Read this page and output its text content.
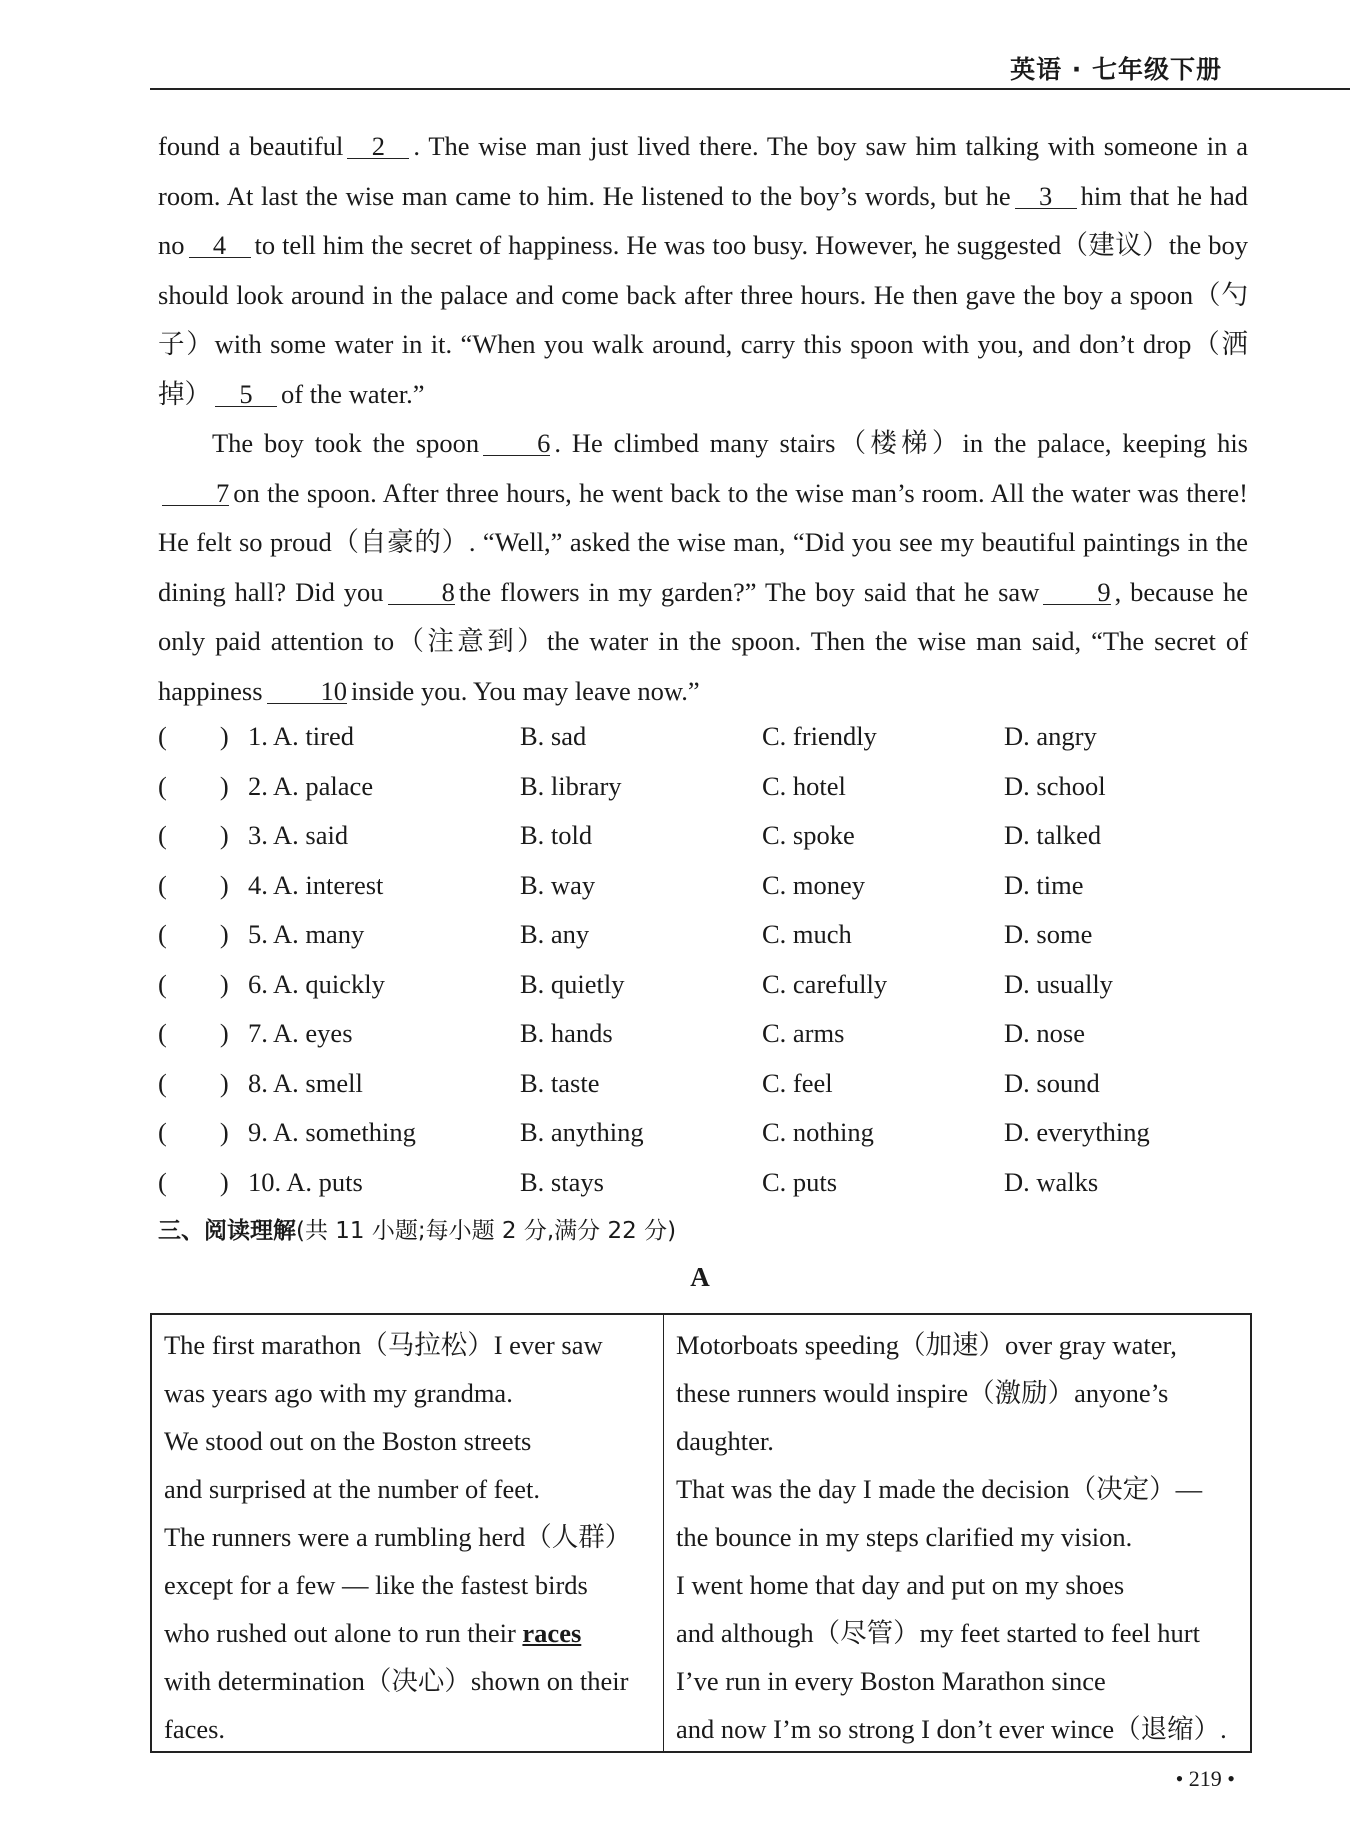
英语 · 七年级下册

found a beautiful 2 . The wise man just lived there. The boy saw him talking with someone in a room. At last the wise man came to him. He listened to the boy’s words, but he 3 him that he had no 4 to tell him the secret of happiness. He was too busy. However, he suggested（建议）the boy should look around in the palace and come back after three hours. He then gave the boy a spoon（勺子）with some water in it. “When you walk around, carry this spoon with you, and don’t drop（洒掉） 5 of the water.”

The boy took the spoon 6 . He climbed many stairs（楼梯）in the palace, keeping his7 on the spoon. After three hours, he went back to the wise man’s room. All the water was there! He felt so proud（自豪的）. “Well,” asked the wise man, “Did you see my beautiful paintings in the dining hall? Did you 8 the flowers in my garden?” The boy said that he saw 9 , because he only paid attention to（注意到）the water in the spoon. Then the wise man said, “The secret of happiness 10 inside you. You may leave now.”

(　　) 1. A. tired	B. sad	C. friendly	D. angry
(　　) 2. A. palace	B. library	C. hotel	D. school
(　　) 3. A. said	B. told	C. spoke	D. talked
(　　) 4. A. interest	B. way	C. money	D. time
(　　) 5. A. many	B. any	C. much	D. some
(　　) 6. A. quickly	B. quietly	C. carefully	D. usually
(　　) 7. A. eyes	B. hands	C. arms	D. nose
(　　) 8. A. smell	B. taste	C. feel	D. sound
(　　) 9. A. something	B. anything	C. nothing	D. everything
(　　) 10. A. puts	B. stays	C. puts	D. walks
三、阅读理解(共 11 小题;每小题 2 分,满分 22 分)
A
The first marathon（马拉松）I ever saw
was years ago with my grandma.
We stood out on the Boston streets
and surprised at the number of feet.
The runners were a rumbling herd（人群）
except for a few — like the fastest birds
who rushed out alone to run their races
with determination（决心）shown on their
faces.
Motorboats speeding（加速）over gray water,
these runners would inspire（激励）anyone’s
daughter.
That was the day I made the decision（决定）—
the bounce in my steps clarified my vision.
I went home that day and put on my shoes
and although（尽管）my feet started to feel hurt
I’ve run in every Boston Marathon since
and now I’m so strong I don’t ever wince（退缩）.
• 219 •
